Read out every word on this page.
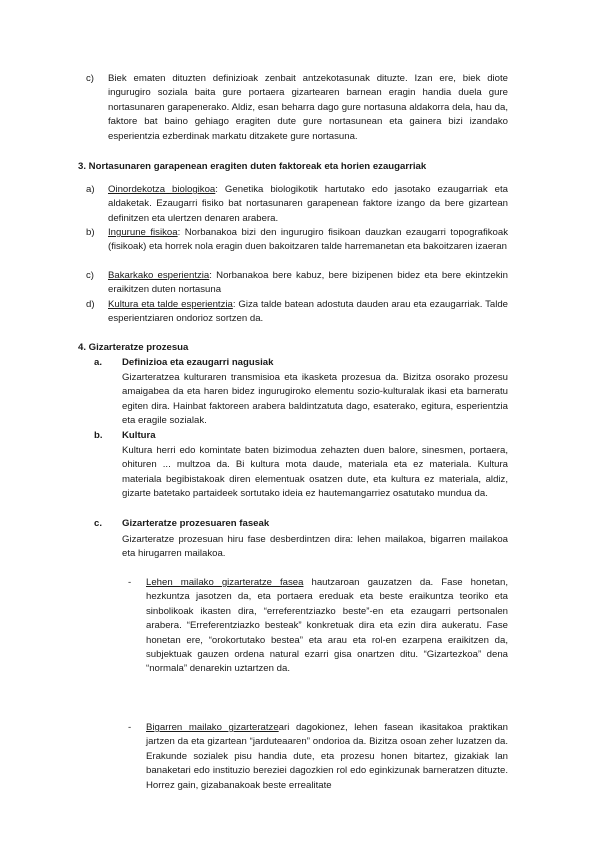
c) Biek ematen dituzten definizioak zenbait antzekotasunak dituzte. Izan ere, biek diote ingurugiro soziala baita gure portaera gizartearen barnean eragin handia duela gure nortasunaren garapenerako. Aldiz, esan beharra dago gure nortasuna aldakorra dela, hau da, faktore bat baino gehiago eragiten dute gure nortasunean eta gainera bizi izandako esperientzia ezberdinak markatu ditzakete gure nortasuna.
3. Nortasunaren garapenean eragiten duten faktoreak eta horien ezaugarriak
a) Oinordekotza biologikoa: Genetika biologikotik hartutako edo jasotako ezaugarriak eta aldaketak. Ezaugarri fisiko bat nortasunaren garapenean faktore izango da bere gizartean definitzen eta ulertzen denaren arabera.
b) Ingurune fisikoa: Norbanakoa bizi den ingurugiro fisikoan dauzkan ezaugarri topografikoak (fisikoak) eta horrek nola eragin duen bakoitzaren talde harremanetan eta bakoitzaren izaeran
c) Bakarkako esperientzia: Norbanakoa bere kabuz, bere bizipenen bidez eta bere ekintzekin eraikitzen duten nortasuna
d) Kultura eta talde esperientzia: Giza talde batean adostuta dauden arau eta ezaugarriak. Talde esperientziaren ondorioz sortzen da.
4. Gizarteratze prozesua
a. Definizioa eta ezaugarri nagusiak
Gizarteratzea kulturaren transmisioa eta ikasketa prozesua da. Bizitza osorako prozesu amaigabea da eta haren bidez ingurugiroko elementu sozio-kulturalak ikasi eta barneratu egiten dira. Hainbat faktoreen arabera baldintzatuta dago, esaterako, egitura, esperientzia eta eragile sozialak.
b. Kultura
Kultura herri edo komintate baten bizimodua zehazten duen balore, sinesmen, portaera, ohituren ... multzoa da. Bi kultura mota daude, materiala eta ez materiala. Kultura materiala begibistakoak diren elementuak osatzen dute, eta kultura ez materiala, aldiz, gizarte batetako partaideek sortutako ideia ez hautemangarriez osatutako mundua da.
c. Gizarteratze prozesuaren faseak
Gizarteratze prozesuan hiru fase desberdintzen dira: lehen mailakoa, bigarren mailakoa eta hirugarren mailakoa.
- Lehen mailako gizarteratze fasea hautzaroan gauzatzen da. Fase honetan, hezkuntza jasotzen da, eta portaera ereduak eta beste eraikuntza teoriko eta sinbolikoak ikasten dira, “erreferentziazko beste”-en eta ezaugarri pertsonalen arabera. “Erreferentziazko besteak” konkretuak dira eta ezin dira aukeratu. Fase honetan ere, “orokortutako bestea” eta arau eta rol-en ezarpena eraikitzen da, subjektuak gauzen ordena natural ezarri gisa onartzen ditu. “Gizartezkoa” dena “normala” denarekin uztartzen da.
- Bigarren mailako gizarteratzeari dagokionez, lehen fasean ikasitakoa praktikan jartzen da eta gizartean “jarduteaaren” ondorioa da. Bizitza osoan zeher luzatzen da. Erakunde sozialek pisu handia dute, eta prozesu honen bitartez, gizakiak lan banaketari edo instituzio bereziei dagozkien rol edo eginkizunak barneratzen dituzte. Horrez gain, gizabanakoak beste errealitate
